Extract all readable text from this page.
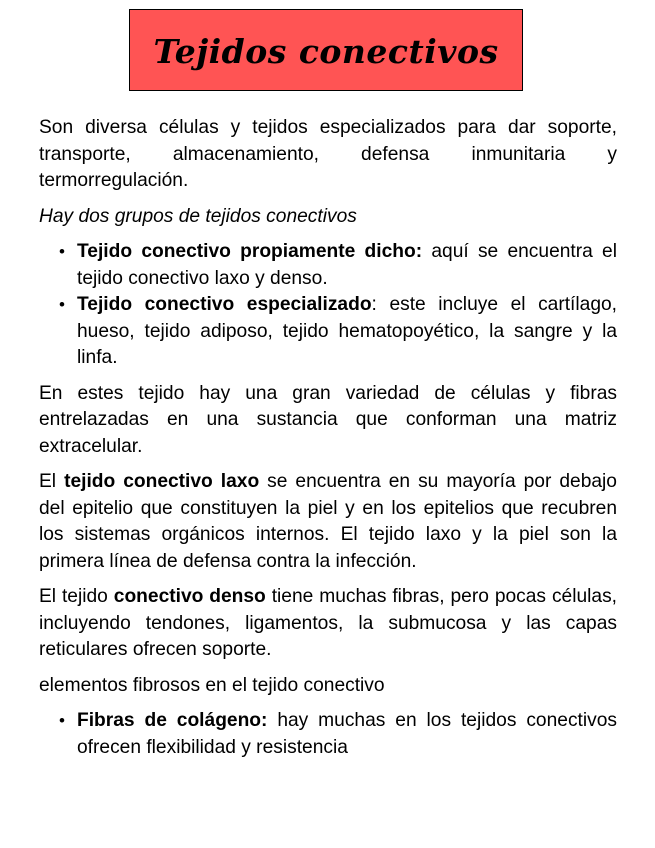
Tejidos conectivos

Son diversa células y tejidos especializados para dar soporte, transporte, almacenamiento, defensa inmunitaria y termorregulación.

Hay dos grupos de tejidos conectivos

• Tejido conectivo propiamente dicho: aquí se encuentra el tejido conectivo laxo y denso.
• Tejido conectivo especializado: este incluye el cartílago, hueso, tejido adiposo, tejido hematopoyético, la sangre y la linfa.

En estes tejido hay una gran variedad de células y fibras entrelazadas en una sustancia que conforman una matriz extracelular.

El tejido conectivo laxo se encuentra en su mayoría por debajo del epitelio que constituyen la piel y en los epitelios que recubren los sistemas orgánicos internos. El tejido laxo y la piel son la primera línea de defensa contra la infección.

El tejido conectivo denso tiene muchas fibras, pero pocas células, incluyendo tendones, ligamentos, la submucosa y las capas reticulares ofrecen soporte.

elementos fibrosos en el tejido conectivo

• Fibras de colágeno: hay muchas en los tejidos conectivos ofrecen flexibilidad y resistencia
